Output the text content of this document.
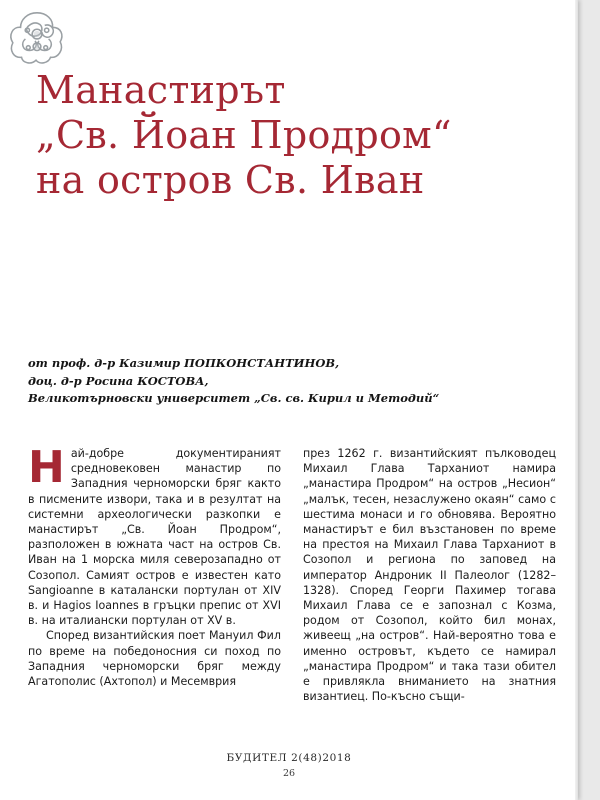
Манастирът
„Св. Йоан Продром“
на остров Св. Иван
от проф. д-р Казимир ПОПКОНСТАНТИНОВ,
доц. д-р Росина КОСТОВА,
Великотърновски университет „Св. св. Кирил и Методий“

Най-добре документираният средновековен манастир по Западния черноморски бряг както в писмените извори, така и в резултат на системни археологически разкопки е манастирът „Св. Йоан Продром“, разположен в южната част на остров Св. Иван на 1 морска миля северозападно от Созопол. Самият остров е известен като Sangioanne в каталански портулан от XIV в. и Hagios Ioannes в гръцки препис от XVI в. на италиански портулан от XV в.

Според византийския поет Мануил Фил по време на победоносния си поход по Западния черноморски бряг между Агатополис (Ахтопол) и Месемврия

през 1262 г. византийският пълководец Михаил Глава Тарханиот намира „манастира Продром“ на остров „Несион“ „малък, тесен, незаслужено окаян“ само с шестима монаси и го обновява. Вероятно манастирът е бил възстановен по време на престоя на Михаил Глава Тарханиот в Созопол и региона по заповед на император Андроник II Палеолог (1282–1328). Според Георги Пахимер тогава Михаил Глава се е запознал с Козма, родом от Созопол, който бил монах, живеещ „на остров“. Най-вероятно това е именно островът, където се намирал „манастира Продром“ и така тази обител е привлякла вниманието на знатния византиец. По-късно същи-

БУДИТЕЛ 2(48)2018
26
